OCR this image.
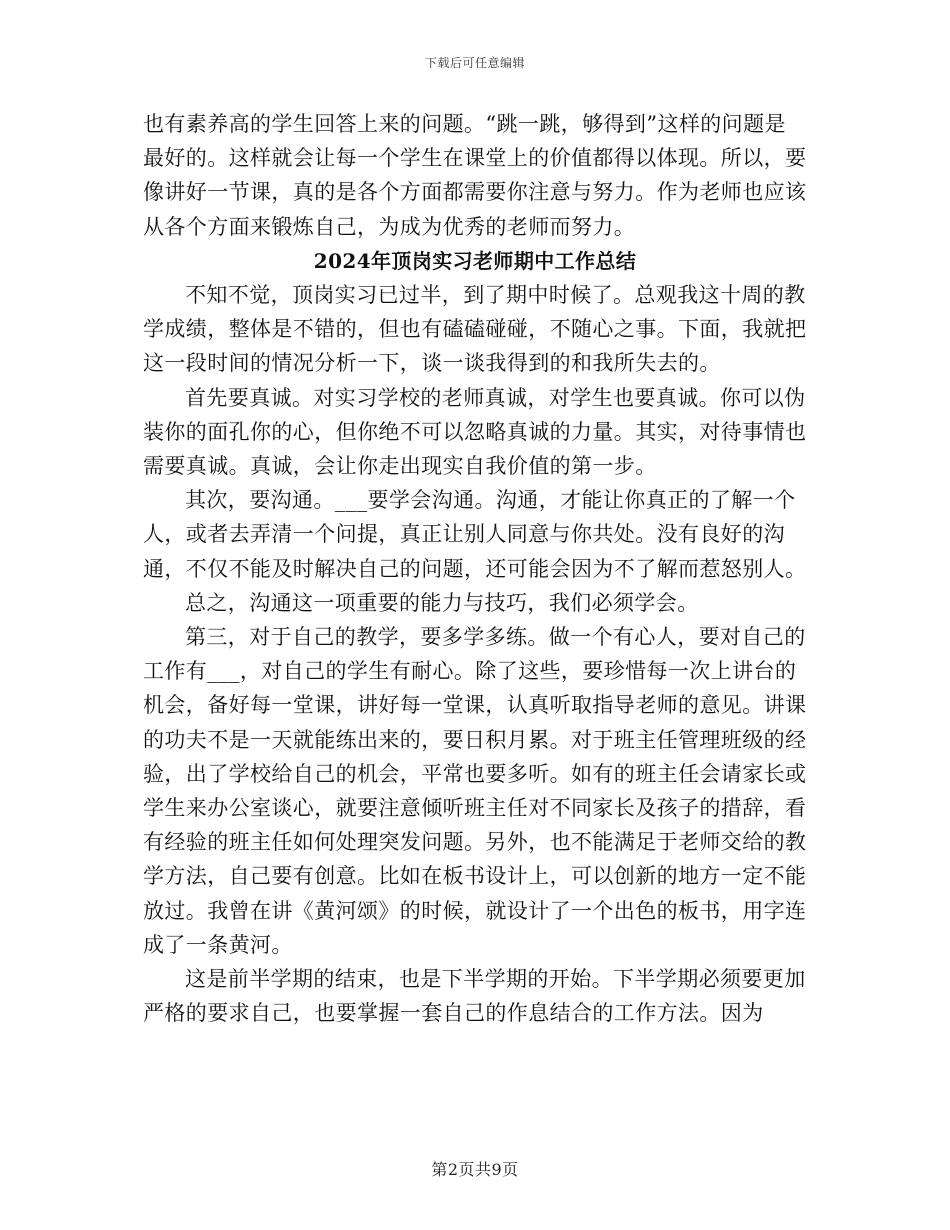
下载后可任意编辑

也有素养高的学生回答上来的问题。“跳一跳，够得到”这样的问题是最好的。这样就会让每一个学生在课堂上的价值都得以体现。所以，要像讲好一节课，真的是各个方面都需要你注意与努力。作为老师也应该从各个方面来锻炼自己，为成为优秀的老师而努力。

2024年顶岗实习老师期中工作总结

不知不觉，顶岗实习已过半，到了期中时候了。总观我这十周的教学成绩，整体是不错的，但也有磕磕碰碰，不随心之事。下面，我就把这一段时间的情况分析一下，谈一谈我得到的和我所失去的。

首先要真诚。对实习学校的老师真诚，对学生也要真诚。你可以伪装你的面孔你的心，但你绝不可以忽略真诚的力量。其实，对待事情也需要真诚。真诚，会让你走出现实自我价值的第一步。

其次，要沟通。___要学会沟通。沟通，才能让你真正的了解一个人，或者去弄清一个问提，真正让别人同意与你共处。没有良好的沟通，不仅不能及时解决自己的问题，还可能会因为不了解而惹怒别人。

总之，沟通这一项重要的能力与技巧，我们必须学会。

第三，对于自己的教学，要多学多练。做一个有心人，要对自己的工作有___，对自己的学生有耐心。除了这些，要珍惜每一次上讲台的机会，备好每一堂课，讲好每一堂课，认真听取指导老师的意见。讲课的功夫不是一天就能练出来的，要日积月累。对于班主任管理班级的经验，出了学校给自己的机会，平常也要多听。如有的班主任会请家长或学生来办公室谈心，就要注意倾听班主任对不同家长及孩子的措辞，看有经验的班主任如何处理突发问题。另外，也不能满足于老师交给的教学方法，自己要有创意。比如在板书设计上，可以创新的地方一定不能放过。我曾在讲《黄河颂》的时候，就设计了一个出色的板书，用字连成了一条黄河。

这是前半学期的结束，也是下半学期的开始。下半学期必须要更加严格的要求自己，也要掌握一套自己的作息结合的工作方法。因为

第2页共9页
